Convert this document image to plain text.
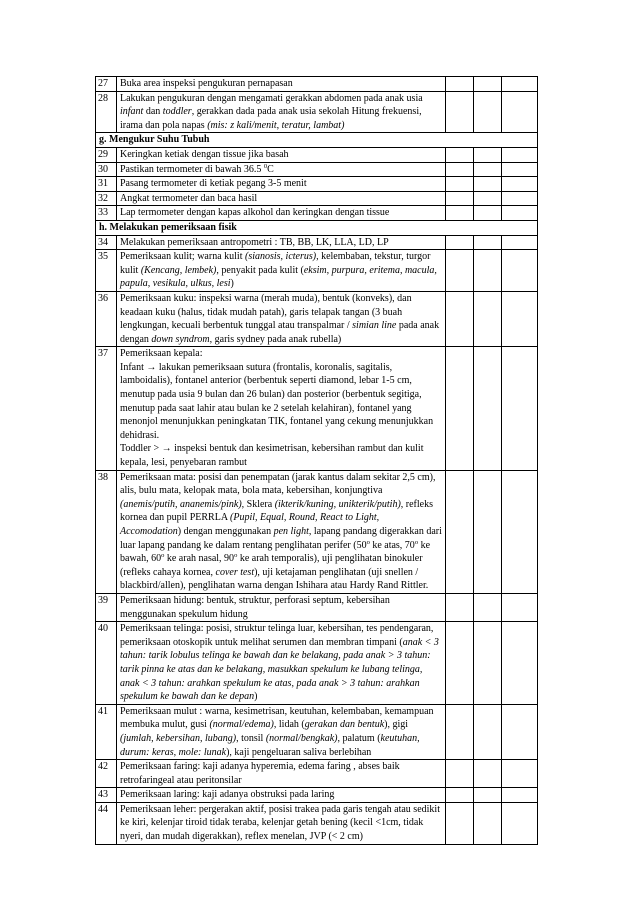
27	Buka area inspeksi pengukuran pernapasan			
28	Lakukan pengukuran dengan mengamati gerakkan abdomen pada anak usia infant dan toddler, gerakkan dada pada anak usia sekolah Hitung frekuensi, irama dan pola napas (mis: z kali/menit, teratur, lambat)			
g. Mengukur Suhu Tubuh				
29	Keringkan ketiak dengan tissue jika basah			
30	Pastikan termometer di bawah 36.5 $^0$C			
31	Pasang termometer di ketiak pegang 3-5 menit			
32	Angkat termometer dan baca hasil			
33	Lap termometer dengan kapas alkohol dan keringkan dengan tissue			
h. Melakukan pemeriksaan fisik				
34	Melakukan pemeriksaan antropometri : TB, BB, LK, LLA, LD, LP			
35	Pemeriksaan kulit; warna kulit (sianosis, icterus), kelembaban, tekstur, turgor kulit (Kencang, lembek), penyakit pada kulit (eksim, purpura, eritema, macula, papula, vesikula, ulkus, lesi)			
36	Pemeriksaan kuku: inspeksi warna (merah muda), bentuk (konveks), dan keadaan kuku (halus, tidak mudah patah), garis telapak tangan (3 buah lengkungan, kecuali berbentuk tunggal atau transpalmar / simian line pada anak dengan down syndrom, garis sydney pada anak rubella)			
37	Pemeriksaan kepala:
Infant → lakukan pemeriksaan sutura (frontalis, koronalis, sagitalis, lamboidalis), fontanel anterior (berbentuk seperti diamond, lebar 1-5 cm, menutup pada usia 9 bulan dan 26 bulan) dan posterior (berbentuk segitiga, menutup pada saat lahir atau bulan ke 2 setelah kelahiran), fontanel yang menonjol menunjukkan peningkatan TIK, fontanel yang cekung menunjukkan dehidrasi.
Toddler > → inspeksi bentuk dan kesimetrisan, kebersihan rambut dan kulit kepala, lesi, penyebaran rambut			
38	Pemeriksaan mata: posisi dan penempatan (jarak kantus dalam sekitar 2,5 cm), alis, bulu mata, kelopak mata, bola mata, kebersihan, konjungtiva (anemis/putih, ananemis/pink), Sklera (ikterik/kuning, unikterik/putih), refleks kornea dan pupil PERRLA (Pupil, Equal, Round, React to Light, Accomodation) dengan menggunakan pen light, lapang pandang digerakkan dari luar lapang pandang ke dalam rentang penglihatan perifer (50$^o$ ke atas, 70$^o$ ke bawah, 60$^o$ ke arah nasal, 90$^o$ ke arah temporalis), uji penglihatan binokuler (refleks cahaya kornea, cover test), uji ketajaman penglihatan (uji snellen / blackbird/allen), penglihatan warna dengan Ishihara atau Hardy Rand Rittler.			
39	Pemeriksaan hidung: bentuk, struktur, perforasi septum, kebersihan menggunakan spekulum hidung			
40	Pemeriksaan telinga: posisi, struktur telinga luar, kebersihan, tes pendengaran, pemeriksaan otoskopik untuk melihat serumen dan membran timpani (anak < 3 tahun: tarik lobulus telinga ke bawah dan ke belakang, pada anak > 3 tahun: tarik pinna ke atas dan ke belakang, masukkan spekulum ke lubang telinga, anak < 3 tahun: arahkan spekulum ke atas, pada anak > 3 tahun: arahkan spekulum ke bawah dan ke depan)			
41	Pemeriksaan mulut : warna, kesimetrisan, keutuhan, kelembaban, kemampuan membuka mulut, gusi (normal/edema), lidah (gerakan dan bentuk), gigi (jumlah, kebersihan, lubang), tonsil (normal/bengkak), palatum (keutuhan, durum: keras, mole: lunak), kaji pengeluaran saliva berlebihan			
42	Pemeriksaan faring: kaji adanya hyperemia, edema faring , abses baik retrofaringeal atau peritonsilar			
43	Pemeriksaan laring: kaji adanya obstruksi pada laring			
44	Pemeriksaan leher: pergerakan aktif, posisi trakea pada garis tengah atau sedikit ke kiri, kelenjar tiroid tidak teraba, kelenjar getah bening (kecil <1cm, tidak nyeri, dan mudah digerakkan), reflex menelan, JVP (< 2 cm)			
